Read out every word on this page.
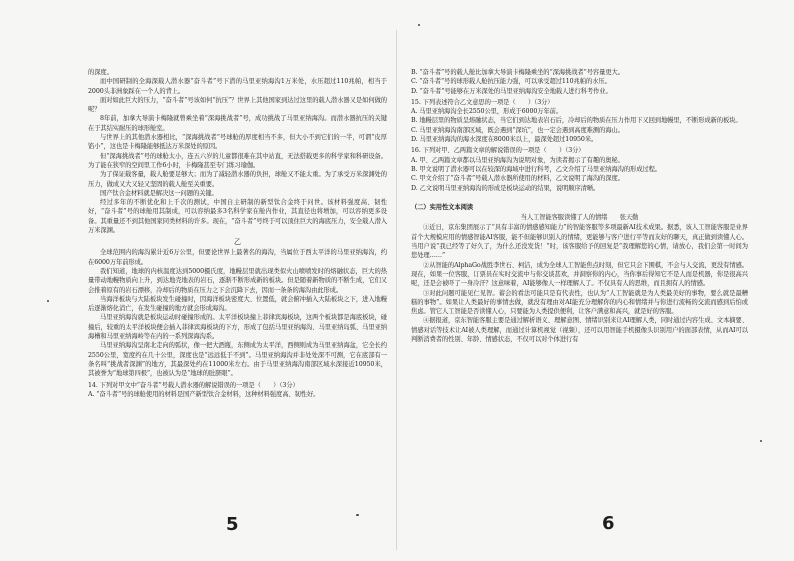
的深度。

而中国研制的全海深载人潜水器“奋斗者”号下潜的马里亚纳海沟1万米处，水压超过110兆帕，相当于2000头非洲象踩在一个人的背上。

面对如此巨大的压力，“奋斗者”号该如何“抗压”？世界上其他国家到达过这里的载人潜水器又是如何做的呢？

8年前，加拿大导演卡梅隆就曾乘坐着“深海挑战者”号，成功挑战了马里亚纳海沟。而潜水器抗压的关键在于其结实耐压的球形舱室。

与世界上的其他潜水器相比，“深海挑战者”号球舱的厚度相当不多，但大小不到它们的一半，可谓“皮厚馅小”，这也是卡梅隆能够抵达万米深处的原因。

但“深海挑战者”号的球舱太小，连五六岁的儿童都很难在其中站直，无法搭载更多的科学家和科研设备。为了能在狭窄的空间里工作6小时，卡梅隆甚至专门练习瑜伽。

为了保证载客量，载人舱要足够大；而为了减轻潜水器的负担，球舱又不能太重。为了承受万米深渊处的压力，做成又大又轻又坚固的载人舱至关重要。

国产钛合金材料就是解决这一问题的关键。

经过多年的不断优化和上千次的测试，中国自主研制的新型钛合金终于问世。该材料强度高、韧性好，“奋斗者”号的球舱用其制成，可以容纳最多3名科学家在舱内作业，其直径也将增加，可以容纳更多设备。其重量还不到其他国家同类材料的许多。现在，“奋斗者”号终于可以顶住巨大的海底压力，安全载人潜入万米深渊。

乙

全球范围内的海沟累计近6万公里，但要论世界上最著名的海沟，当属位于西太平洋的马里亚纳海沟，约在6000万年前形成。

我们知道，地球的内核温度达到5000摄氏度，地幔层里就出现类似火山喷喷发时的熔融状态，巨大的热量带动地幔物质向上升，到达地壳地表的岩石，逐渐不断形成新的板块。但是随着新物质的不断生成，它们又会推着原有的岩石漂移，冷却后的物质在压力之下会沉降下去，因而一条条的海沟由此形成。

当海洋板块与大陆板块发生碰撞时，因海洋板块密度大、位置低，就会俯冲插入大陆板块之下，进入地幔后逐渐熔化消亡，在发生碰撞的地方就会形成海沟。

马里亚纳海沟就是板块运动时碰撞形成的。太平洋板块撞上菲律宾海板块，这两个板块都是海底板块，碰撞后，较重的太平洋板块便会插入菲律宾海板块的下方，形成了包括马里亚纳海沟、马里亚纳岛弧、马里亚纳海槽和马里亚纳海岭等在内的一系列深海沟系。

马里亚纳海沟呈南北走向的弧状，像一把大酒瓶，东侧成为太平洋，西侧则成为马里亚纳海盆，它全长约2550公里，宽度约在几十公里，深度也是“远远低于不到”。马里亚纳海沟并非处处深不可测，它在底部有一条名叫“挑战者深渊”的地方，其最深处约在11000米左右。由于马里亚纳海沟南部区域水深接近10950米，其被誉为“地球第四极”，也被认为是“地球的肚脐眼”。

14. 下列对甲文中“奋斗者”号载人潜水器的解说错误的一项是（　　）（3分）

A. “奋斗者”号的球舱使用的材料是国产新型钛合金材料，这种材料强度高、韧性好。

B. “奋斗者”号的载人舱比加拿大导演卡梅隆乘坐的“深海挑战者”号容量更大。

C. “奋斗者”号的球形载人舱抗压能力强，可以承受超过110兆帕的水压。

D. “奋斗者”号能够在万米深处的马里亚纳海沟安全地载人进行科考作业。

15. 下列表述符合乙文意思的一项是（　　）（3分）

A. 马里亚纳海沟全长2550公里，形成于6000万年前。

B. 地幔层里的物质呈熔融状态，当它们到达地表岩石后，冷却后的物质在压力作用下又回到地幔里，不断形成新的板块。

C. 马里亚纳海沟南部区域，既会遇到“深坑”，也一定会遇到高度难测的海山。

D. 马里亚纳海沟的海水深度在8000米以上，最深处超过10950米。

16. 下列对甲、乙两篇文章的解说错误的一项是（　　）（3分）

A. 甲、乙两篇文章都以马里亚纳海沟为说明对象，为读者揭示了有趣的奥秘。

B. 甲文说明了潜水器可以在较深的海域中进行科考，乙文介绍了马里亚纳海沟的形成过程。

C. 甲文介绍了“奋斗者”号载人潜水器所使用的材料，乙文说明了海沟的深度。

D. 乙文说明马里亚纳海沟的形成是板块运动的结果，说明顺序清晰。

（二）实用性文本阅读

当人工智能客服读懂了人的情绪　　张天勤

①近日，京东集团展示了“具有丰富的情感感知能力”的智能客服等多项最新AI技术成果。据悉，该人工智能客服是业界首个大规模应用的情感智能AI客服，能不但能够识别人的情绪，更能够与客户进行平等而友好的聊天，真正做到读懂人心。当用户说“我已经等了好久了，为什么还没发货！”时，该客服给予的回复是“我理解您的心情，请放心，我们会第一时间为您处理……”

②从智能的AlphaGo战胜李世石、柯洁，成为全球人工智能焦点时刻，但它只会下围棋，不会与人交流，更没有情感。现在，如果一位客服，订票员在实时交流中与你交谈甚欢，并洞察你的内心，当你事后得知它不是人而是机器，你是很高兴呢，还是会被吓了一身冷汗？这意味着，AI能够像人一样理解人了。不仅具有人的思维，而且拥有人的情感。

③对此问题可能见仁见智。蓄会的看法可能只是有代表性，也认为“人工智能就是为人类最美好的事物，要么就是最糟糕的事物”。如果让人类最好的事情去做，就没有理由对AI能充分理解你的内心和情绪并与你进行流畅的交流而感到后怕或焦虑。管它人工智能是否读懂人心，只要能为人类提供便利，让客户满意和高兴，就是好的客服。

④据报道，京东智能客服主要是通过解析语义、理解意图、情绪识别来让AI理解人类，同时通过内容生成、文本摘要、情感对话等技术让AI被人类理解，而通过计算机视觉（视频），还可以用智能手机摄像头识别用户的面部表情，从而AI可以判断消费者的性别、年龄、情感状态，不仅可以对个体进行有

5	6
